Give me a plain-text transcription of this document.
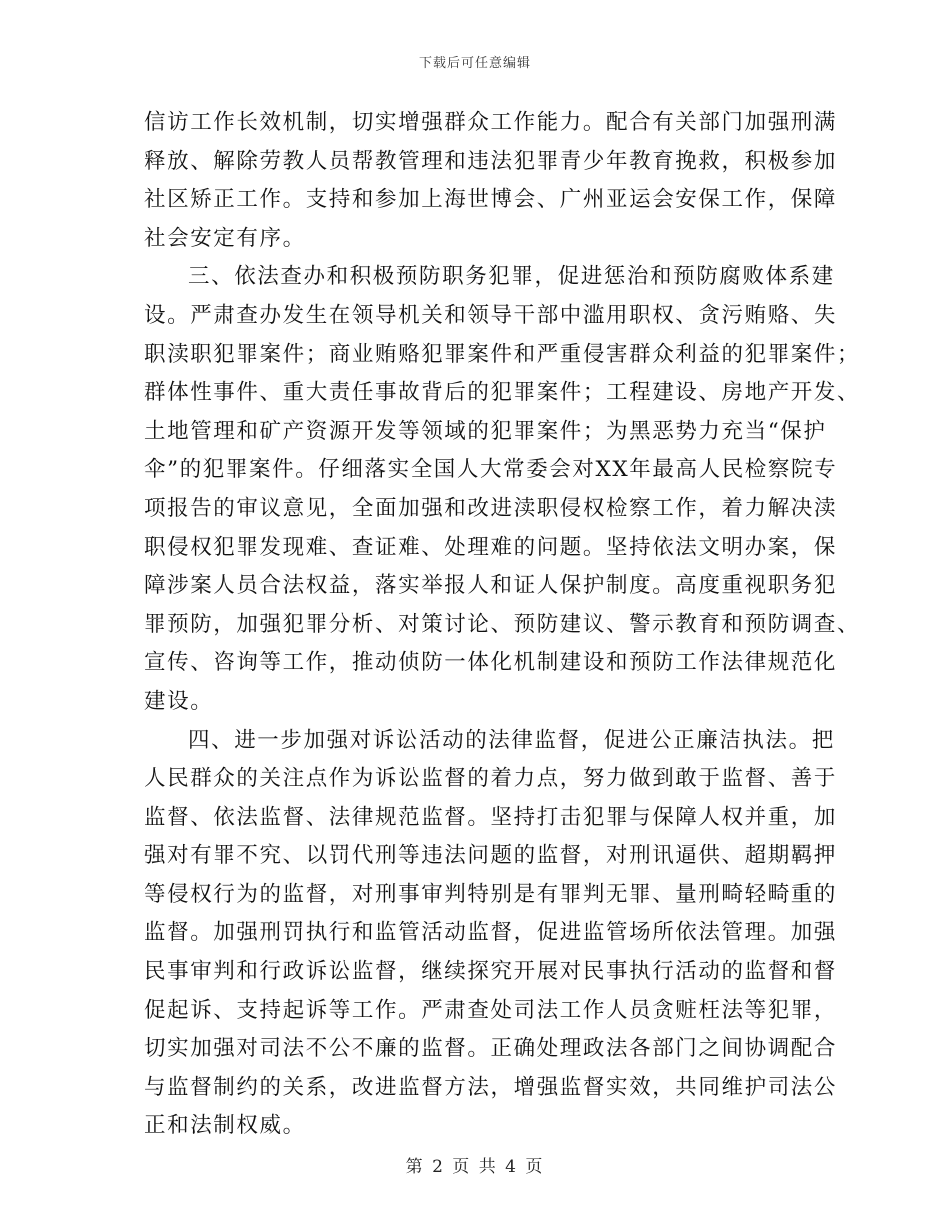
下载后可任意编辑
信访工作长效机制，切实增强群众工作能力。配合有关部门加强刑满
释放、解除劳教人员帮教管理和违法犯罪青少年教育挽救，积极参加
社区矫正工作。支持和参加上海世博会、广州亚运会安保工作，保障
社会安定有序。
三、依法查办和积极预防职务犯罪，促进惩治和预防腐败体系建
设。严肃查办发生在领导机关和领导干部中滥用职权、贪污贿赂、失
职渎职犯罪案件；商业贿赂犯罪案件和严重侵害群众利益的犯罪案件；
群体性事件、重大责任事故背后的犯罪案件；工程建设、房地产开发、
土地管理和矿产资源开发等领域的犯罪案件；为黑恶势力充当“保护
伞”的犯罪案件。仔细落实全国人大常委会对XX年最高人民检察院专
项报告的审议意见，全面加强和改进渎职侵权检察工作，着力解决渎
职侵权犯罪发现难、查证难、处理难的问题。坚持依法文明办案，保
障涉案人员合法权益，落实举报人和证人保护制度。高度重视职务犯
罪预防，加强犯罪分析、对策讨论、预防建议、警示教育和预防调查、
宣传、咨询等工作，推动侦防一体化机制建设和预防工作法律规范化
建设。
四、进一步加强对诉讼活动的法律监督，促进公正廉洁执法。把
人民群众的关注点作为诉讼监督的着力点，努力做到敢于监督、善于
监督、依法监督、法律规范监督。坚持打击犯罪与保障人权并重，加
强对有罪不究、以罚代刑等违法问题的监督，对刑讯逼供、超期羁押
等侵权行为的监督，对刑事审判特别是有罪判无罪、量刑畸轻畸重的
监督。加强刑罚执行和监管活动监督，促进监管场所依法管理。加强
民事审判和行政诉讼监督，继续探究开展对民事执行活动的监督和督
促起诉、支持起诉等工作。严肃查处司法工作人员贪赃枉法等犯罪，
切实加强对司法不公不廉的监督。正确处理政法各部门之间协调配合
与监督制约的关系，改进监督方法，增强监督实效，共同维护司法公
正和法制权威。
第 2 页 共 4 页
